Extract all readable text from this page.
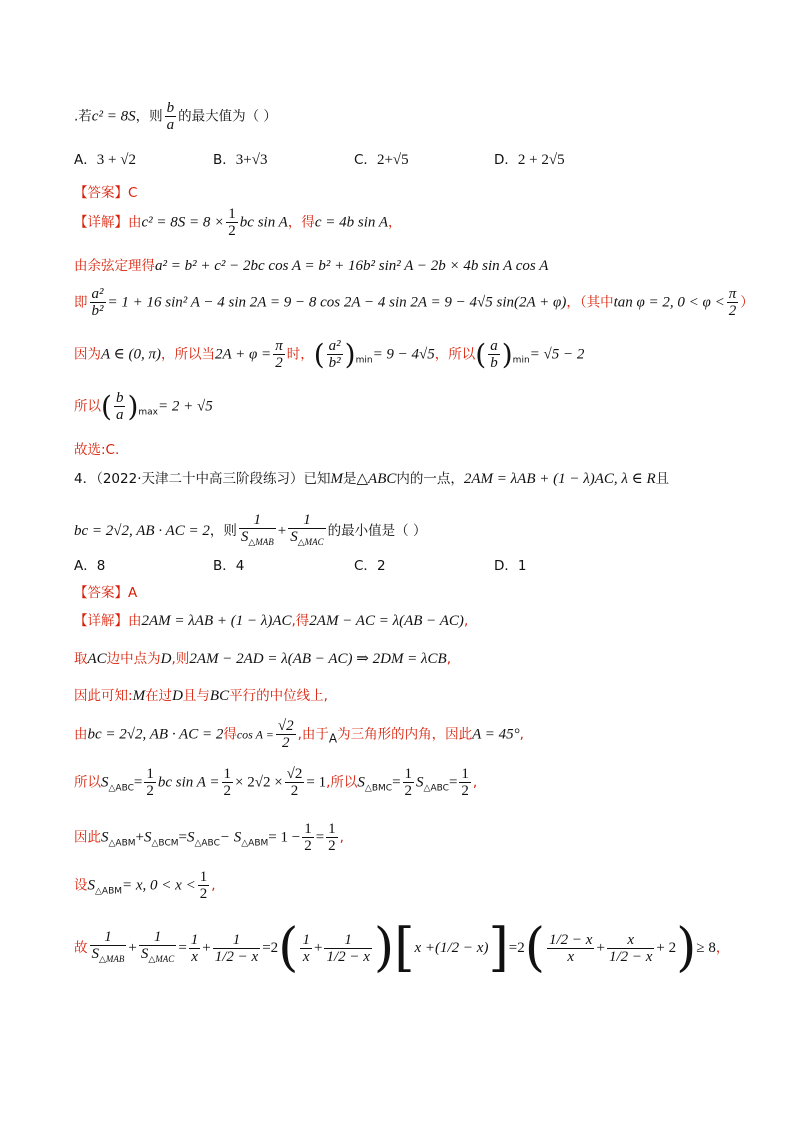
.若c² = 8S，则 $\frac{b}{a}$ 的最大值为（ ）
A．3 + √2	B．3+√3	C．2+√5	D．2 + 2√5
【答案】C
【详解】由$c^2 = 8S = 8 \times \frac{1}{2}$ bc sin A，得c = 4b sin A，
由余弦定理得a² = b² + c² − 2bc cos A = b² + 16b² sin² A − 2b × 4b sin A cos A
即 $\frac{\text{a²}}{\text{b²}} = 1 + 16$ sin² A − 4 sin 2A = 9 − 8 cos 2A − 4 sin 2A = 9 − 4√5 sin(2A + φ)，（其中tan φ = 2, $0 < \varphi < \frac{\pi}{2}$ ）
因为A ∈ (0, π)，所以当$2A + \varphi = \frac{\pi}{2}$ 时，( $\frac{\text{a²}}{\text{b²}} )_{min}= 9 - 4√5$，所以( $\frac{a}{b} )_{min}= √5 - 2$
所以( $\frac{b}{a} )_{max}= 2 + √5$
故选:C.
4．（2022·天津二十中高三阶段练习）已知M是△ABC内的一点，2AM = λAB + (1 − λ)AC, λ ∈ R且
bc = 2√2, AB · AC = 2，则 $\frac{1}{S_{\triangle MAB}} + \frac{1}{S_{\triangle MAC}}$ 的最小值是（ ）
A．8	B．4	C．2	D．1
【答案】A
【详解】由2AM = λAB + (1 − λ)AC,得2AM − AC = λ(AB − AC),
取AC边中点为D,则2AM − 2AD = λ(AB − AC) ⇒ 2DM = λCB,
因此可知:M在过D且与BC平行的中位线上,
由bc = 2√2, AB · AC = 2得$\cos A = \frac{√2}{2}$ ,由于A为三角形的内角，因此A = 45°,
所以$S_{\triangle ABC}= \frac{1}{2}$ bc $\sin A = \frac{1}{2} \times 2√2 \times \frac{√2}{2} = 1$,所以$S_{\triangle BMC}= \frac{1}{2} S_{\triangle ABC}= \frac{1}{2}$ ,
因此$S_{\triangle ABM}+S_{\triangle BCM}=S_{\triangle ABC}- S_{\triangle ABM}= 1 - \frac{1}{2} = \frac{1}{2}$ ,
设$S_{\triangle ABM}= x$, $0 < x < \frac{1}{2}$ ,
故 $\frac{1}{S_{\triangle MAB}} + \frac{1}{S_{\triangle MAC}} = \frac{1}{x} + \frac{1}{1/2 - x} =2( \frac{1}{x} + \frac{1}{1/2 - x} )[x +(1/2 - x)]=2( \frac{1/2 - x}{x} + \frac{x}{1/2 - x} + 2)\ge 8$，
